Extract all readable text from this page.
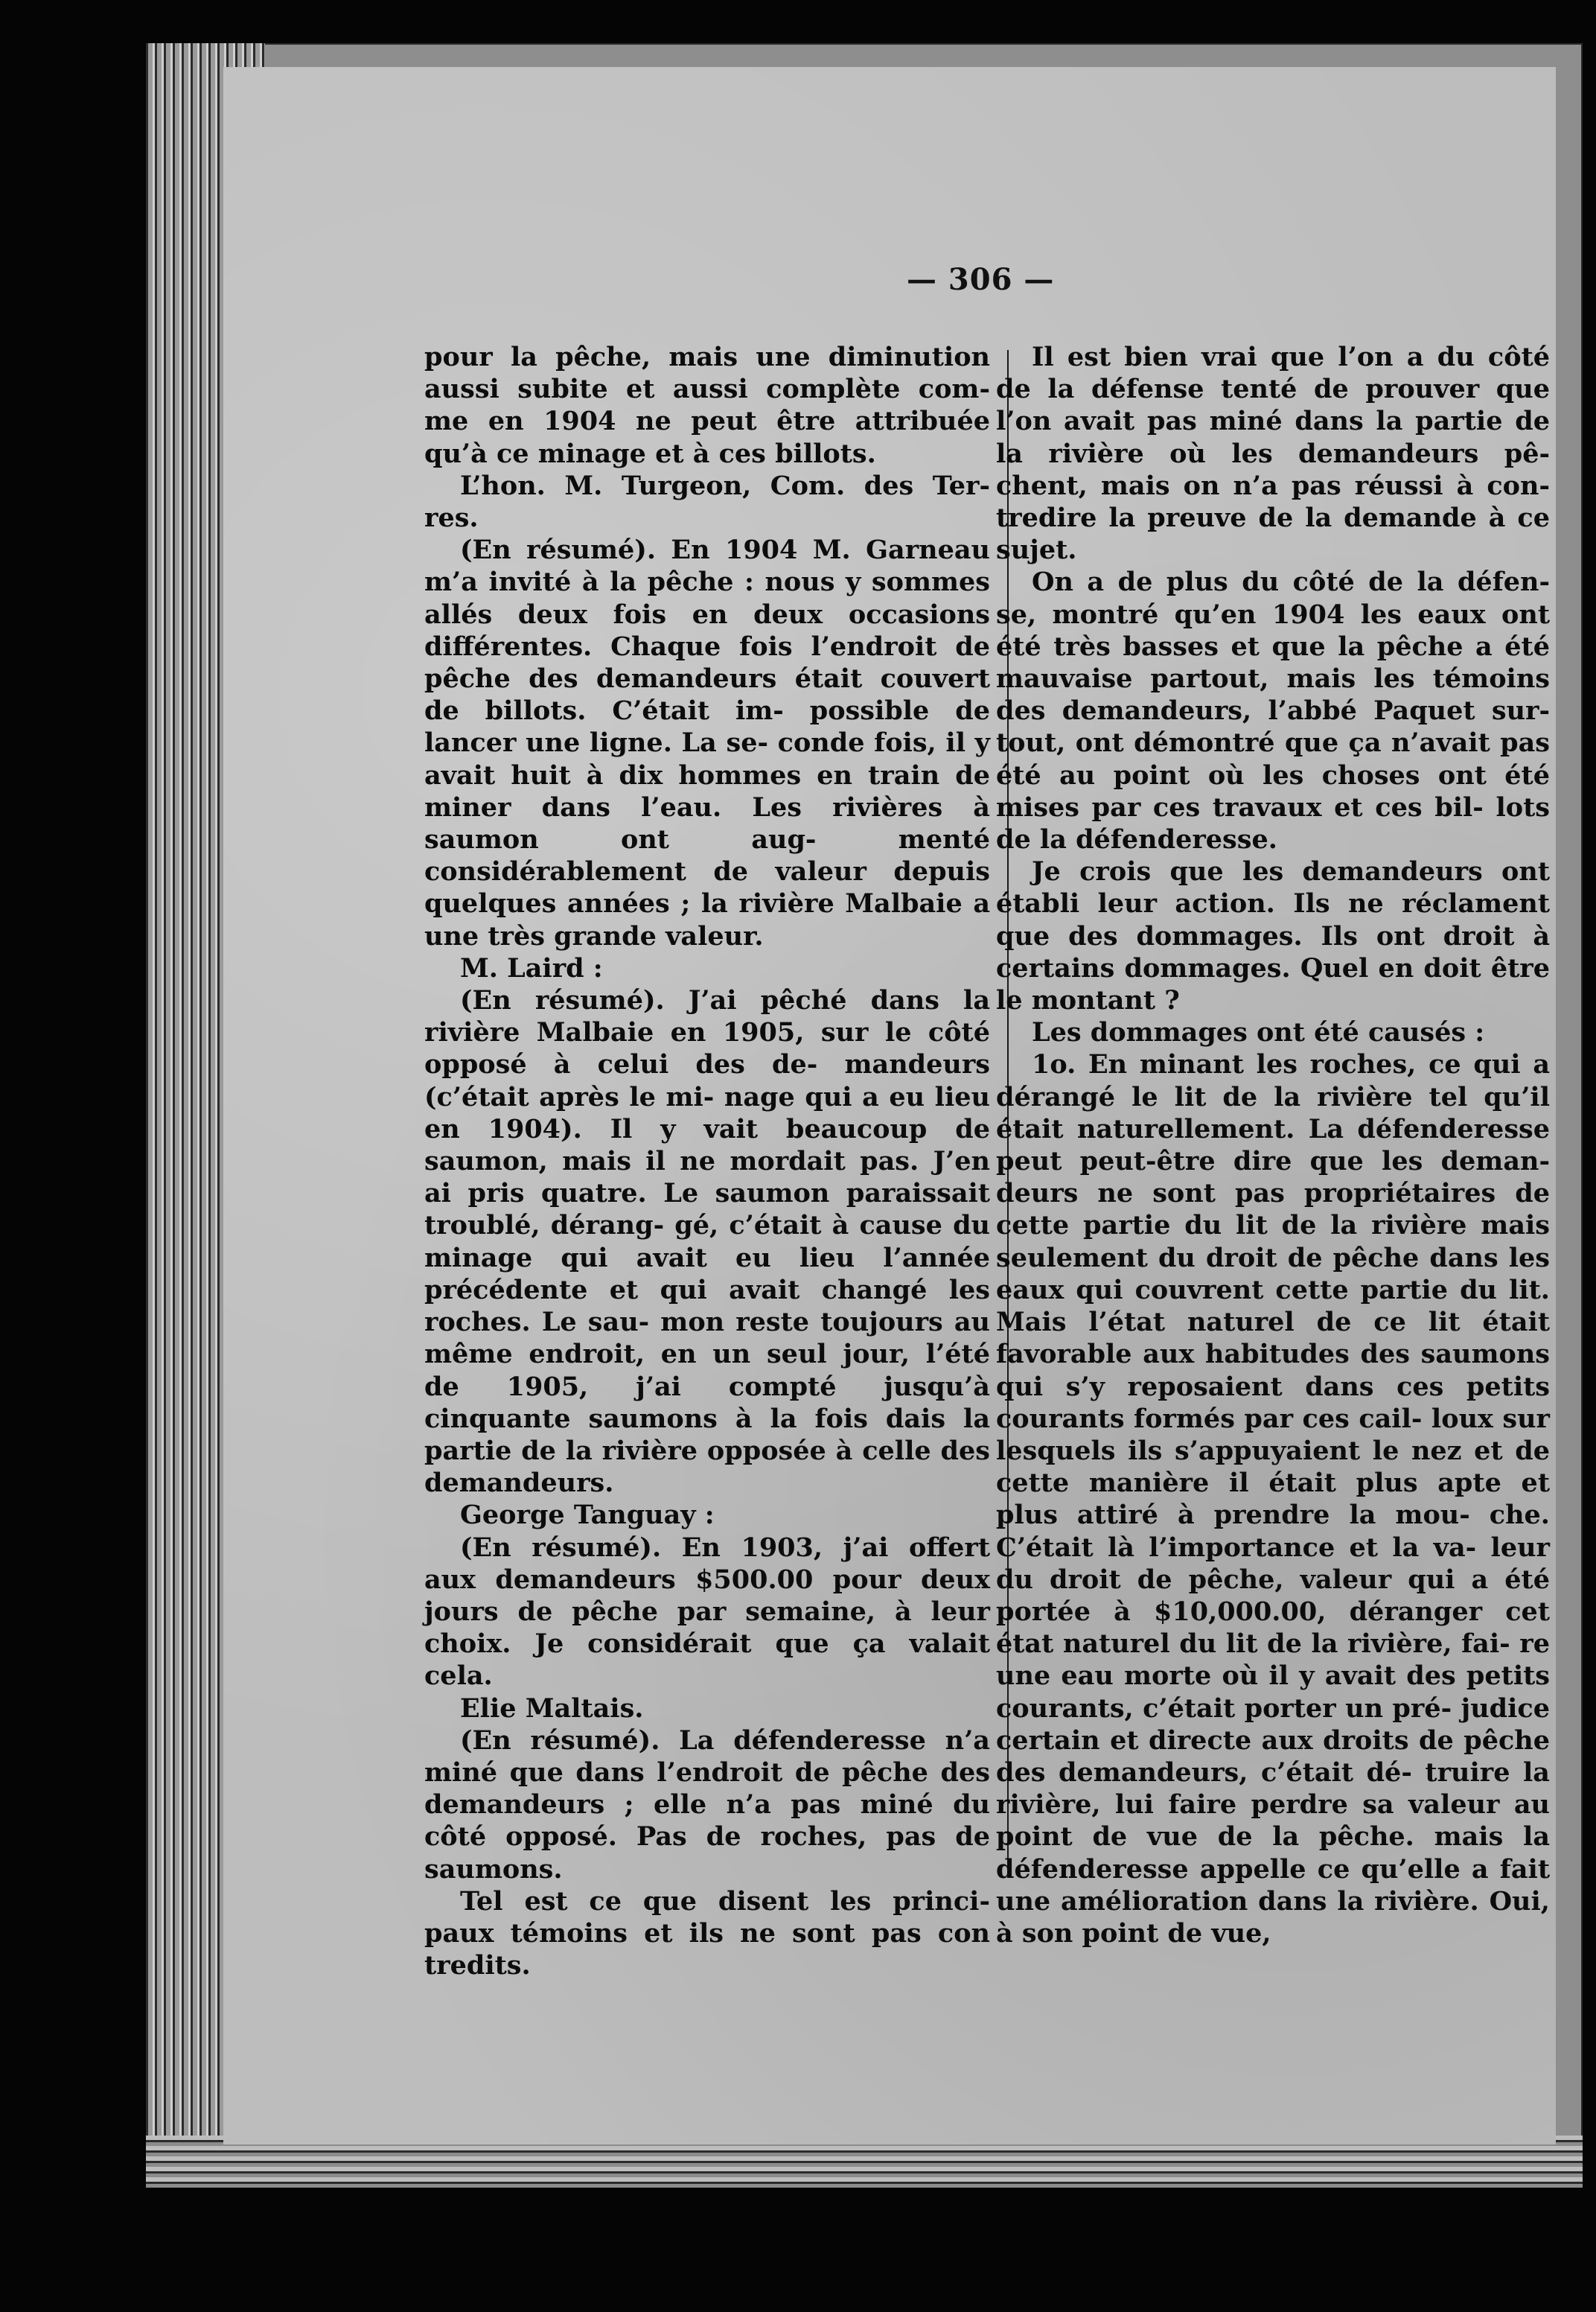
— 306 —

pour la pêche, mais une diminution aussi subite et aussi complète com- me en 1904 ne peut être attribuée qu’à ce minage et à ces billots.

L’hon. M. Turgeon, Com. des Ter- res.

(En résumé). En 1904 M. Garneau m’a invité à la pêche : nous y sommes allés deux fois en deux occasions différentes. Chaque fois l’endroit de pêche des demandeurs était couvert de billots. C’était im- possible de lancer une ligne. La se- conde fois, il y avait huit à dix hommes en train de miner dans l’eau. Les rivières à saumon ont aug- menté considérablement de valeur depuis quelques années ; la rivière Malbaie a une très grande valeur.

M. Laird :

(En résumé). J’ai pêché dans la rivière Malbaie en 1905, sur le côté opposé à celui des de- mandeurs (c’était après le mi- nage qui a eu lieu en 1904). Il y vait beaucoup de saumon, mais il ne mordait pas. J’en ai pris quatre. Le saumon paraissait troublé, dérang- gé, c’était à cause du minage qui avait eu lieu l’année précédente et qui avait changé les roches. Le sau- mon reste toujours au même endroit, en un seul jour, l’été de 1905, j’ai compté jusqu’à cinquante saumons à la fois dais la partie de la rivière opposée à celle des demandeurs.

George Tanguay :

(En résumé). En 1903, j’ai offert aux demandeurs $500.00 pour deux jours de pêche par semaine, à leur choix. Je considérait que ça valait cela.

Elie Maltais.

(En résumé). La défenderesse n’a miné que dans l’endroit de pêche des demandeurs ; elle n’a pas miné du côté opposé. Pas de roches, pas de saumons.

Tel est ce que disent les princi- paux témoins et ils ne sont pas con tredits.

Il est bien vrai que l’on a du côté de la défense tenté de prouver que l’on avait pas miné dans la partie de la rivière où les demandeurs pê- chent, mais on n’a pas réussi à con- tredire la preuve de la demande à ce sujet.

On a de plus du côté de la défen- se, montré qu’en 1904 les eaux ont été très basses et que la pêche a été mauvaise partout, mais les témoins des demandeurs, l’abbé Paquet sur- tout, ont démontré que ça n’avait pas été au point où les choses ont été mises par ces travaux et ces bil- lots de la défenderesse.

Je crois que les demandeurs ont établi leur action. Ils ne réclament que des dommages. Ils ont droit à certains dommages. Quel en doit être le montant ?

Les dommages ont été causés :

1o. En minant les roches, ce qui a dérangé le lit de la rivière tel qu’il était naturellement. La défenderesse peut peut-être dire que les deman- deurs ne sont pas propriétaires de cette partie du lit de la rivière mais seulement du droit de pêche dans les eaux qui couvrent cette partie du lit. Mais l’état naturel de ce lit était favorable aux habitudes des saumons qui s’y reposaient dans ces petits courants formés par ces cail- loux sur lesquels ils s’appuyaient le nez et de cette manière il était plus apte et plus attiré à prendre la mou- che. C’était là l’importance et la va- leur du droit de pêche, valeur qui a été portée à $10,000.00, déranger cet état naturel du lit de la rivière, fai- re une eau morte où il y avait des petits courants, c’était porter un pré- judice certain et directe aux droits de pêche des demandeurs, c’était dé- truire la rivière, lui faire perdre sa valeur au point de vue de la pêche. mais la défenderesse appelle ce qu’elle a fait une amélioration dans la rivière. Oui, à son point de vue,
